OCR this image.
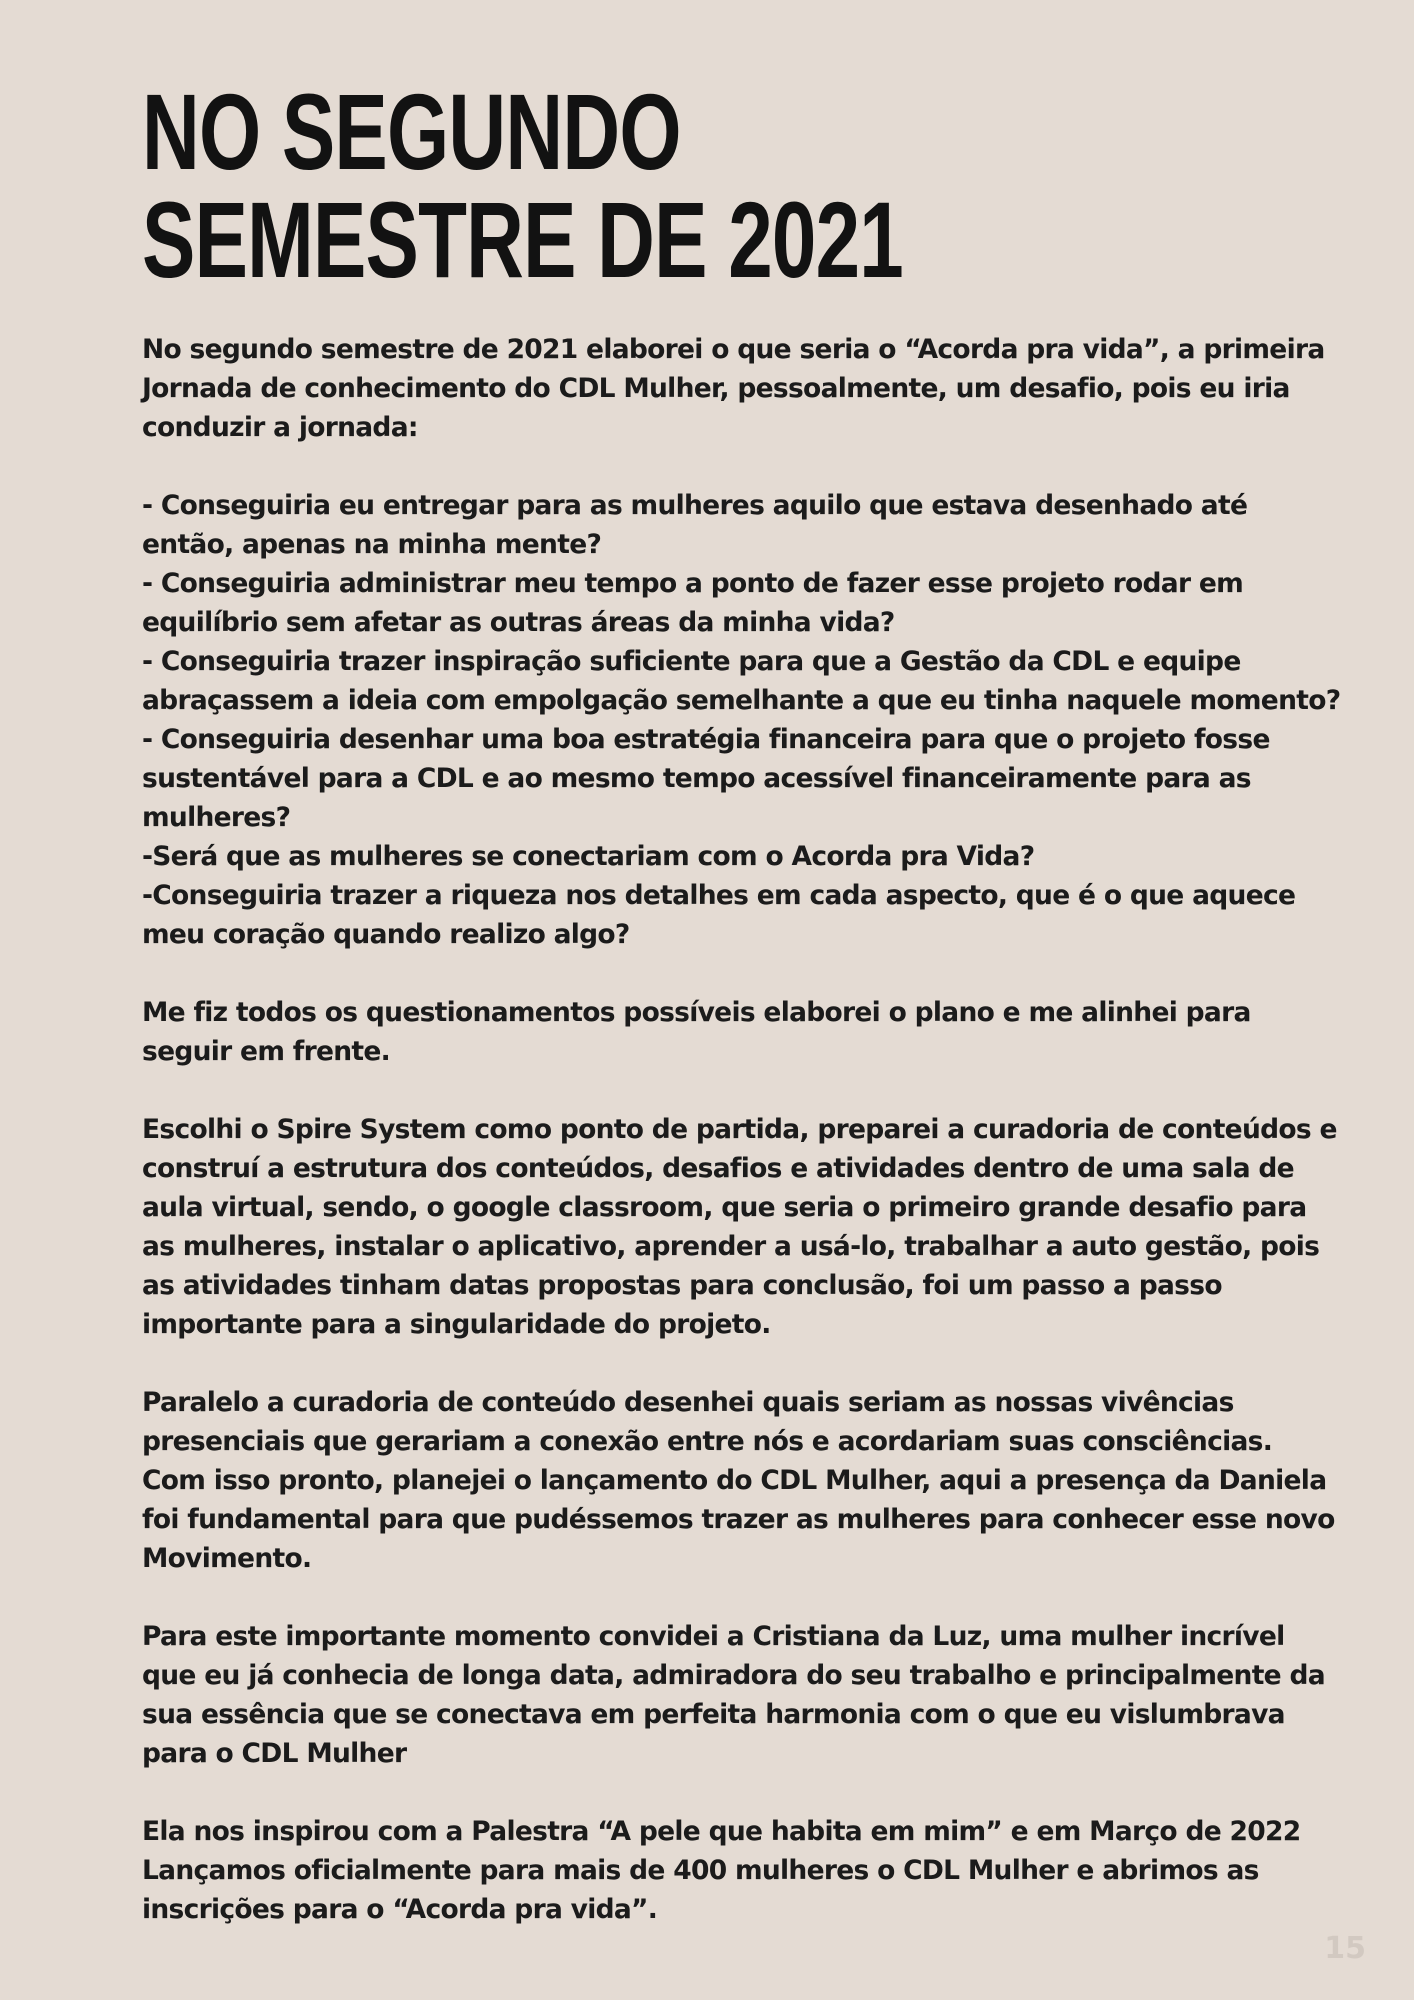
NO SEGUNDO
SEMESTRE DE 2021

No segundo semestre de 2021 elaborei o que seria o “Acorda pra vida”, a primeira Jornada de conhecimento do CDL Mulher, pessoalmente, um desafio, pois eu iria conduzir a jornada:

- Conseguiria eu entregar para as mulheres aquilo que estava desenhado até então, apenas na minha mente?
- Conseguiria administrar meu tempo a ponto de fazer esse projeto rodar em equilíbrio sem afetar as outras áreas da minha vida?
- Conseguiria trazer inspiração suficiente para que a Gestão da CDL e equipe abraçassem a ideia com empolgação semelhante a que eu tinha naquele momento?
- Conseguiria desenhar uma boa estratégia financeira para que o projeto fosse sustentável para a CDL e ao mesmo tempo acessível financeiramente para as mulheres?
-Será que as mulheres se conectariam com o Acorda pra Vida?
-Conseguiria trazer a riqueza nos detalhes em cada aspecto, que é o que aquece meu coração quando realizo algo?

Me fiz todos os questionamentos possíveis elaborei o plano e me alinhei para seguir em frente.

Escolhi o Spire System como ponto de partida, preparei a curadoria de conteúdos e construí a estrutura dos conteúdos, desafios e atividades dentro de uma sala de aula virtual, sendo, o google classroom, que seria o primeiro grande desafio para as mulheres, instalar o aplicativo, aprender a usá-lo, trabalhar a auto gestão, pois as atividades tinham datas propostas para conclusão, foi um passo a passo importante para a singularidade do projeto.

Paralelo a curadoria de conteúdo desenhei quais seriam as nossas vivências presenciais que gerariam a conexão entre nós e acordariam suas consciências.
Com isso pronto, planejei o lançamento do CDL Mulher, aqui a presença da Daniela foi fundamental para que pudéssemos trazer as mulheres para conhecer esse novo Movimento.

Para este importante momento convidei a Cristiana da Luz, uma mulher incrível que eu já conhecia de longa data, admiradora do seu trabalho e principalmente da sua essência que se conectava em perfeita harmonia com o que eu vislumbrava para o CDL Mulher

Ela nos inspirou com a Palestra “A pele que habita em mim” e em Março de 2022 Lançamos oficialmente para mais de 400 mulheres o CDL Mulher e abrimos as inscrições para o “Acorda pra vida”.

15
